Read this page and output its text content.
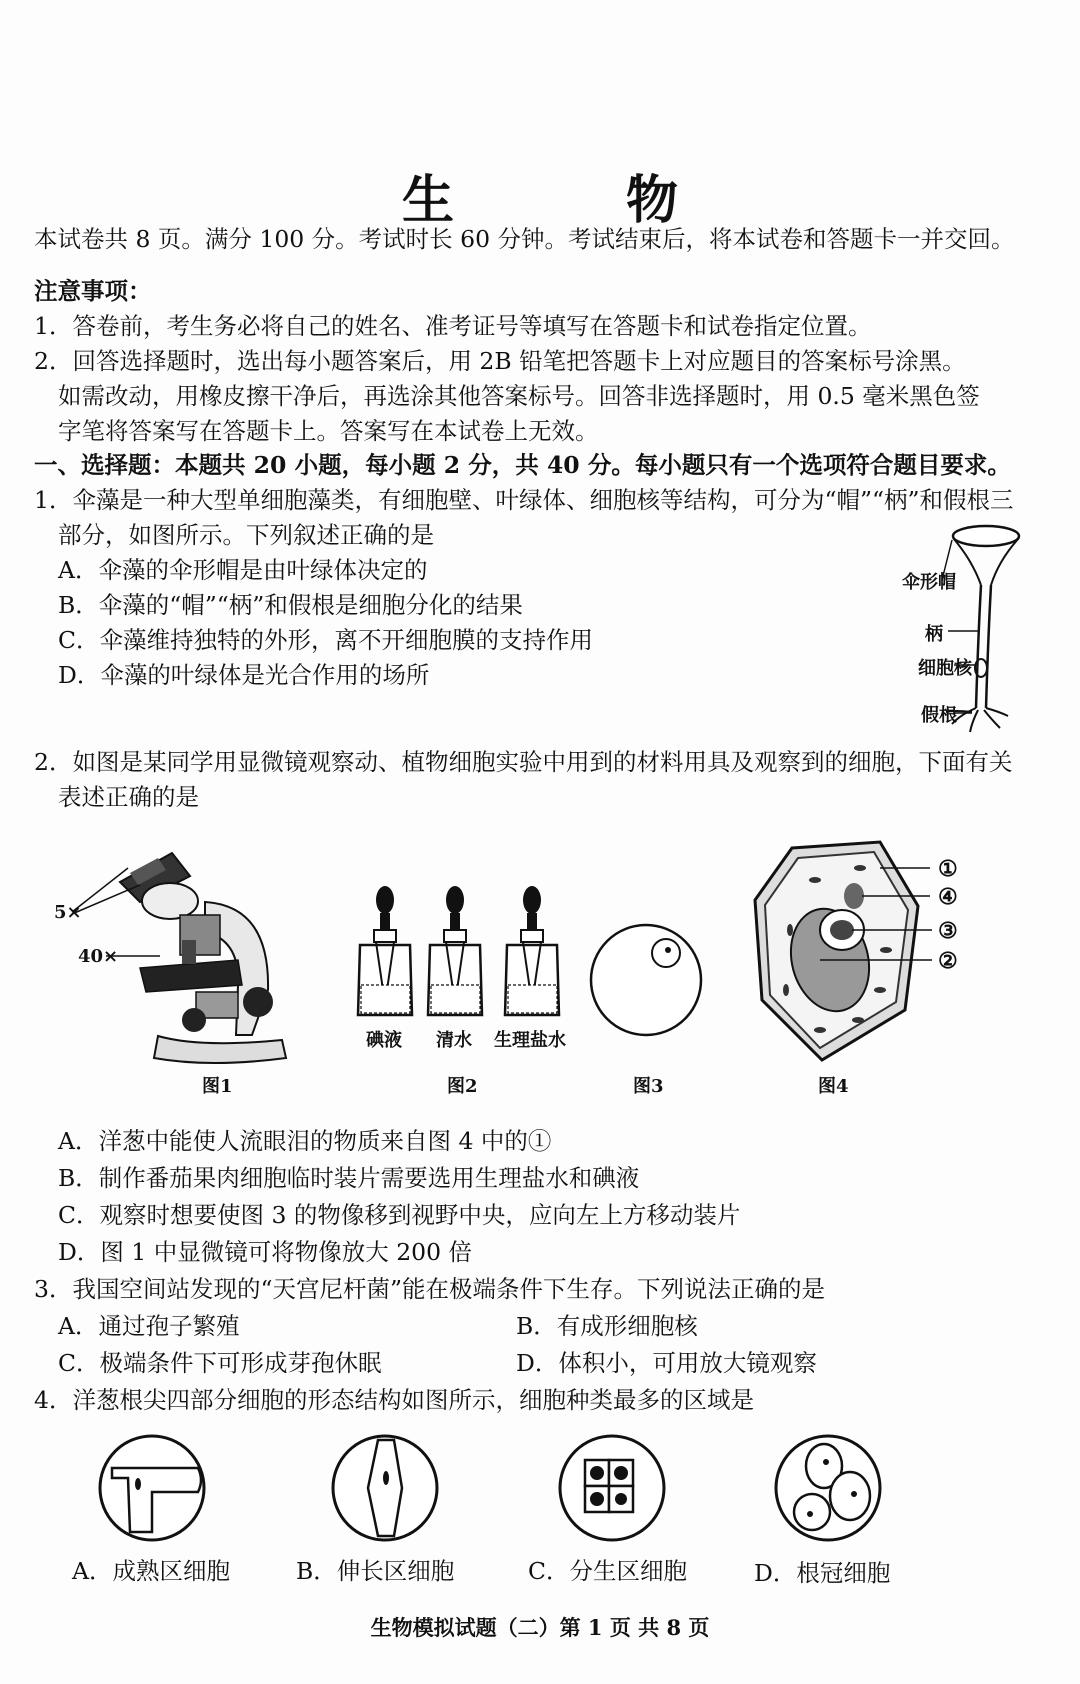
生　物
本试卷共 8 页。满分 100 分。考试时长 60 分钟。考试结束后，将本试卷和答题卡一并交回。
注意事项：
1．答卷前，考生务必将自己的姓名、准考证号等填写在答题卡和试卷指定位置。
2．回答选择题时，选出每小题答案后，用 2B 铅笔把答题卡上对应题目的答案标号涂黑。
如需改动，用橡皮擦干净后，再选涂其他答案标号。回答非选择题时，用 0.5 毫米黑色签
字笔将答案写在答题卡上。答案写在本试卷上无效。
一、选择题：本题共 20 小题，每小题 2 分，共 40 分。每小题只有一个选项符合题目要求。
1．伞藻是一种大型单细胞藻类，有细胞壁、叶绿体、细胞核等结构，可分为“帽”“柄”和假根三
部分，如图所示。下列叙述正确的是
A．伞藻的伞形帽是由叶绿体决定的
B．伞藻的“帽”“柄”和假根是细胞分化的结果
C．伞藻维持独特的外形，离不开细胞膜的支持作用
D．伞藻的叶绿体是光合作用的场所
伞形帽
柄
细胞核
假根
2．如图是某同学用显微镜观察动、植物细胞实验中用到的材料用具及观察到的细胞，下面有关
表述正确的是
5×
40×
图1
碘液 清水 生理盐水
图2	图3
①
④
③
②
图4
A．洋葱中能使人流眼泪的物质来自图 4 中的①
B．制作番茄果肉细胞临时装片需要选用生理盐水和碘液
C．观察时想要使图 3 的物像移到视野中央，应向左上方移动装片
D．图 1 中显微镜可将物像放大 200 倍
3．我国空间站发现的“天宫尼杆菌”能在极端条件下生存。下列说法正确的是
A．通过孢子繁殖	B．有成形细胞核
C．极端条件下可形成芽孢休眠	D．体积小，可用放大镜观察
4．洋葱根尖四部分细胞的形态结构如图所示，细胞种类最多的区域是
A．成熟区细胞	B．伸长区细胞	C．分生区细胞	D．根冠细胞
生物模拟试题（二）第 1 页 共 8 页
